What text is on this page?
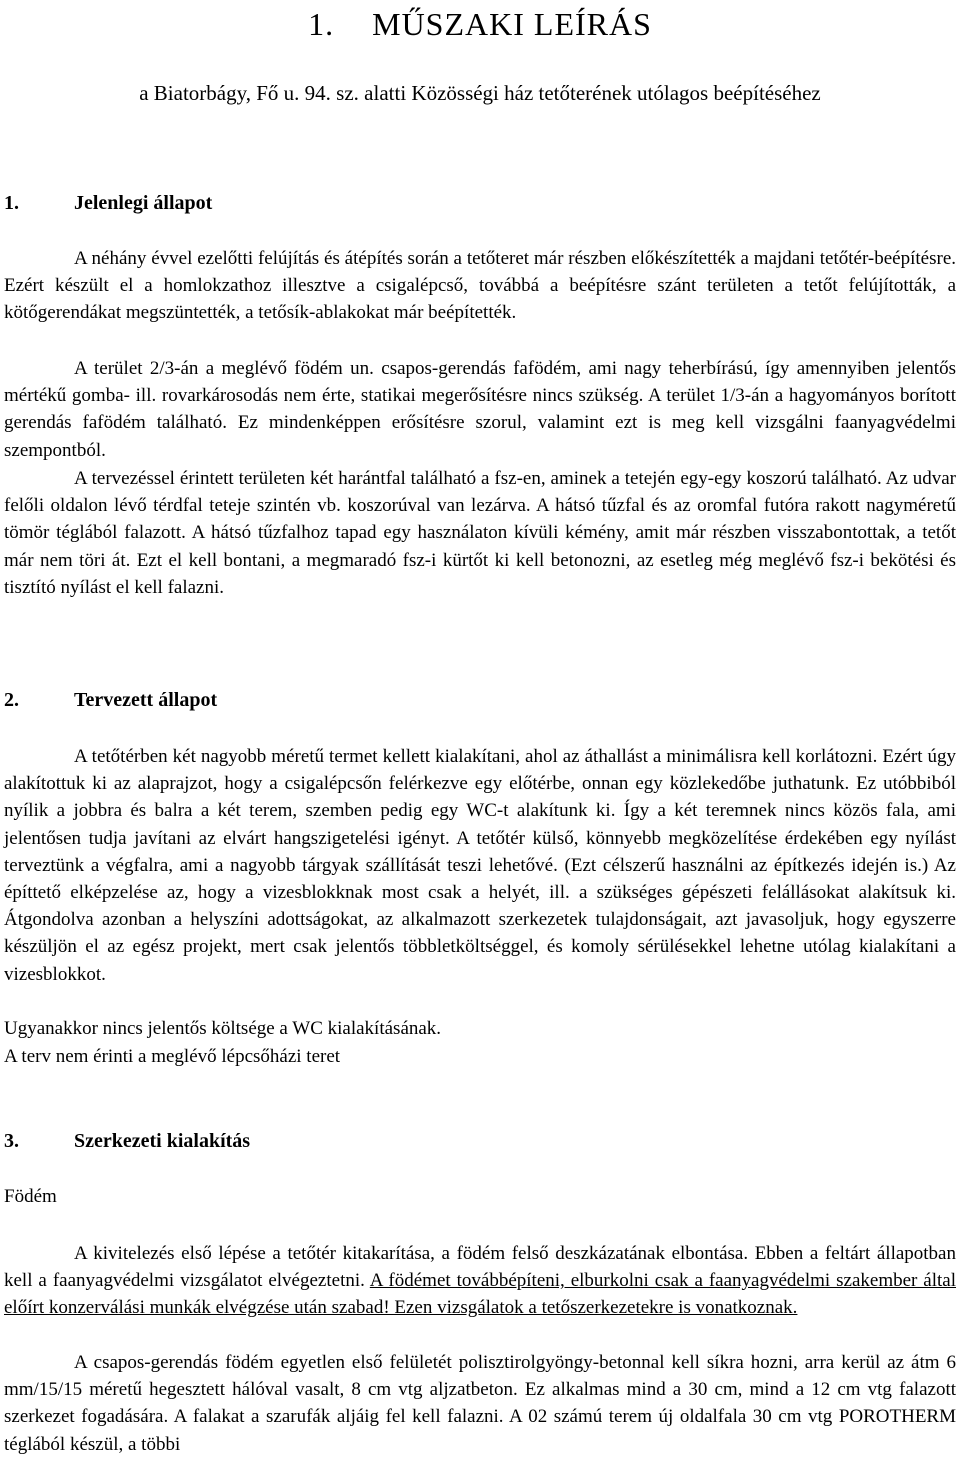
1. MŰSZAKI LEÍRÁS
a Biatorbágy, Fő u. 94. sz. alatti Közösségi ház tetőterének utólagos beépítéséhez
1.	Jelenlegi állapot
A néhány évvel ezelőtti felújítás és átépítés során a tetőteret már részben előkészítették a majdani tetőtér-beépítésre. Ezért készült el a homlokzathoz illesztve a csigalépcső, továbbá a beépítésre szánt területen a tetőt felújították, a kötőgerendákat megszüntették, a tetősík-ablakokat már beépítették.
A terület 2/3-án a meglévő födém un. csapos-gerendás fafödém, ami nagy teherbírású, így amennyiben jelentős mértékű gomba- ill. rovarkárosodás nem érte, statikai megerősítésre nincs szükség. A terület 1/3-án a hagyományos borított gerendás fafödém található. Ez mindenképpen erősítésre szorul, valamint ezt is meg kell vizsgálni faanyagvédelmi szempontból.
A tervezéssel érintett területen két harántfal található a fsz-en, aminek a tetején egy-egy koszorú található. Az udvar felőli oldalon lévő térdfal teteje szintén vb. koszorúval van lezárva. A hátsó tűzfal és az oromfal futóra rakott nagyméretű tömör téglából falazott. A hátsó tűzfalhoz tapad egy használaton kívüli kémény, amit már részben visszabontottak, a tetőt már nem töri át. Ezt el kell bontani, a megmaradó fsz-i kürtőt ki kell betonozni, az esetleg még meglévő fsz-i bekötési és tisztító nyílást el kell falazni.
2.	Tervezett állapot
A tetőtérben két nagyobb méretű termet kellett kialakítani, ahol az áthallást a minimálisra kell korlátozni. Ezért úgy alakítottuk ki az alaprajzot, hogy a csigalépcsőn felérkezve egy előtérbe, onnan egy közlekedőbe juthatunk. Ez utóbbiból nyílik a jobbra és balra a két terem, szemben pedig egy WC-t alakítunk ki. Így a két teremnek nincs közös fala, ami jelentősen tudja javítani az elvárt hangszigetelési igényt. A tetőtér külső, könnyebb megközelítése érdekében egy nyílást terveztünk a végfalra, ami a nagyobb tárgyak szállítását teszi lehetővé. (Ezt célszerű használni az építkezés idején is.) Az építtető elképzelése az, hogy a vizesblokknak most csak a helyét, ill. a szükséges gépészeti felállásokat alakítsuk ki. Átgondolva azonban a helyszíni adottságokat, az alkalmazott szerkezetek tulajdonságait, azt javasoljuk, hogy egyszerre készüljön el az egész projekt, mert csak jelentős többletköltséggel, és komoly sérülésekkel lehetne utólag kialakítani a vizesblokkot.
Ugyanakkor nincs jelentős költsége a WC kialakításának.
A terv nem érinti a meglévő lépcsőházi teret
3.	Szerkezeti kialakítás
Födém
A kivitelezés első lépése a tetőtér kitakarítása, a födém felső deszkázatának elbontása. Ebben a feltárt állapotban kell a faanyagvédelmi vizsgálatot elvégeztetni. A födémet továbbépíteni, elburkolni csak a faanyagvédelmi szakember által előírt konzerválási munkák elvégzése után szabad! Ezen vizsgálatok a tetőszerkezetekre is vonatkoznak.
A csapos-gerendás födém egyetlen első felületét polisztirolgyöngy-betonnal kell síkra hozni, arra kerül az átm 6 mm/15/15 méretű hegesztett hálóval vasalt, 8 cm vtg aljzatbeton. Ez alkalmas mind a 30 cm, mind a 12 cm vtg falazott szerkezet fogadására. A falakat a szarufák aljáig fel kell falazni. A 02 számú terem új oldalfala 30 cm vtg POROTHERM téglából készül, a többi
